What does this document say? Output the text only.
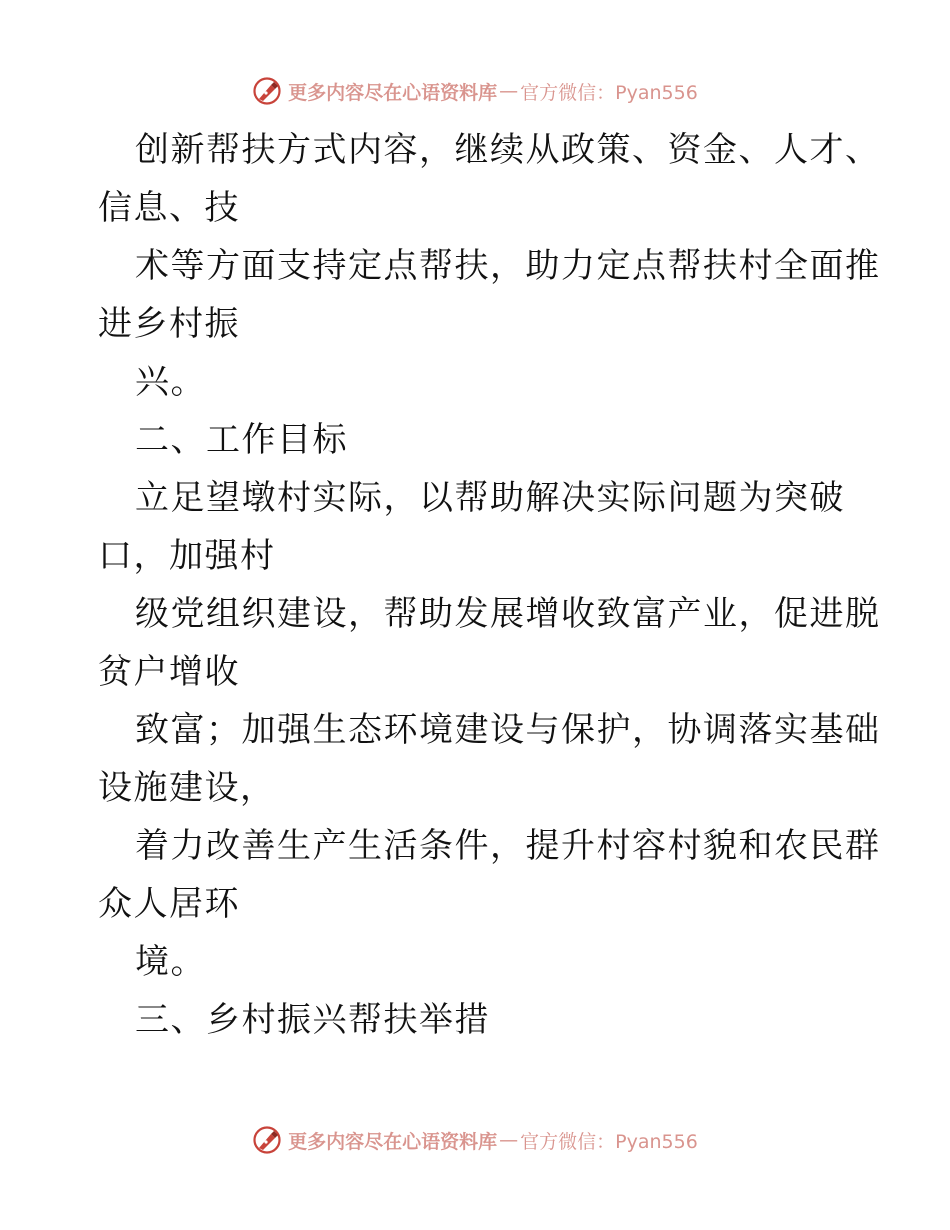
更多内容尽在心语资料库 — 官方微信：Pyan556
创新帮扶方式内容，继续从政策、资金、人才、
信息、技
术等方面支持定点帮扶，助力定点帮扶村全面推
进乡村振
兴。
二、工作目标
立足望墩村实际，以帮助解决实际问题为突破
口，加强村
级党组织建设，帮助发展增收致富产业，促进脱
贫户增收
致富；加强生态环境建设与保护，协调落实基础
设施建设，
着力改善生产生活条件，提升村容村貌和农民群
众人居环
境。
三、乡村振兴帮扶举措
更多内容尽在心语资料库 — 官方微信：Pyan556
